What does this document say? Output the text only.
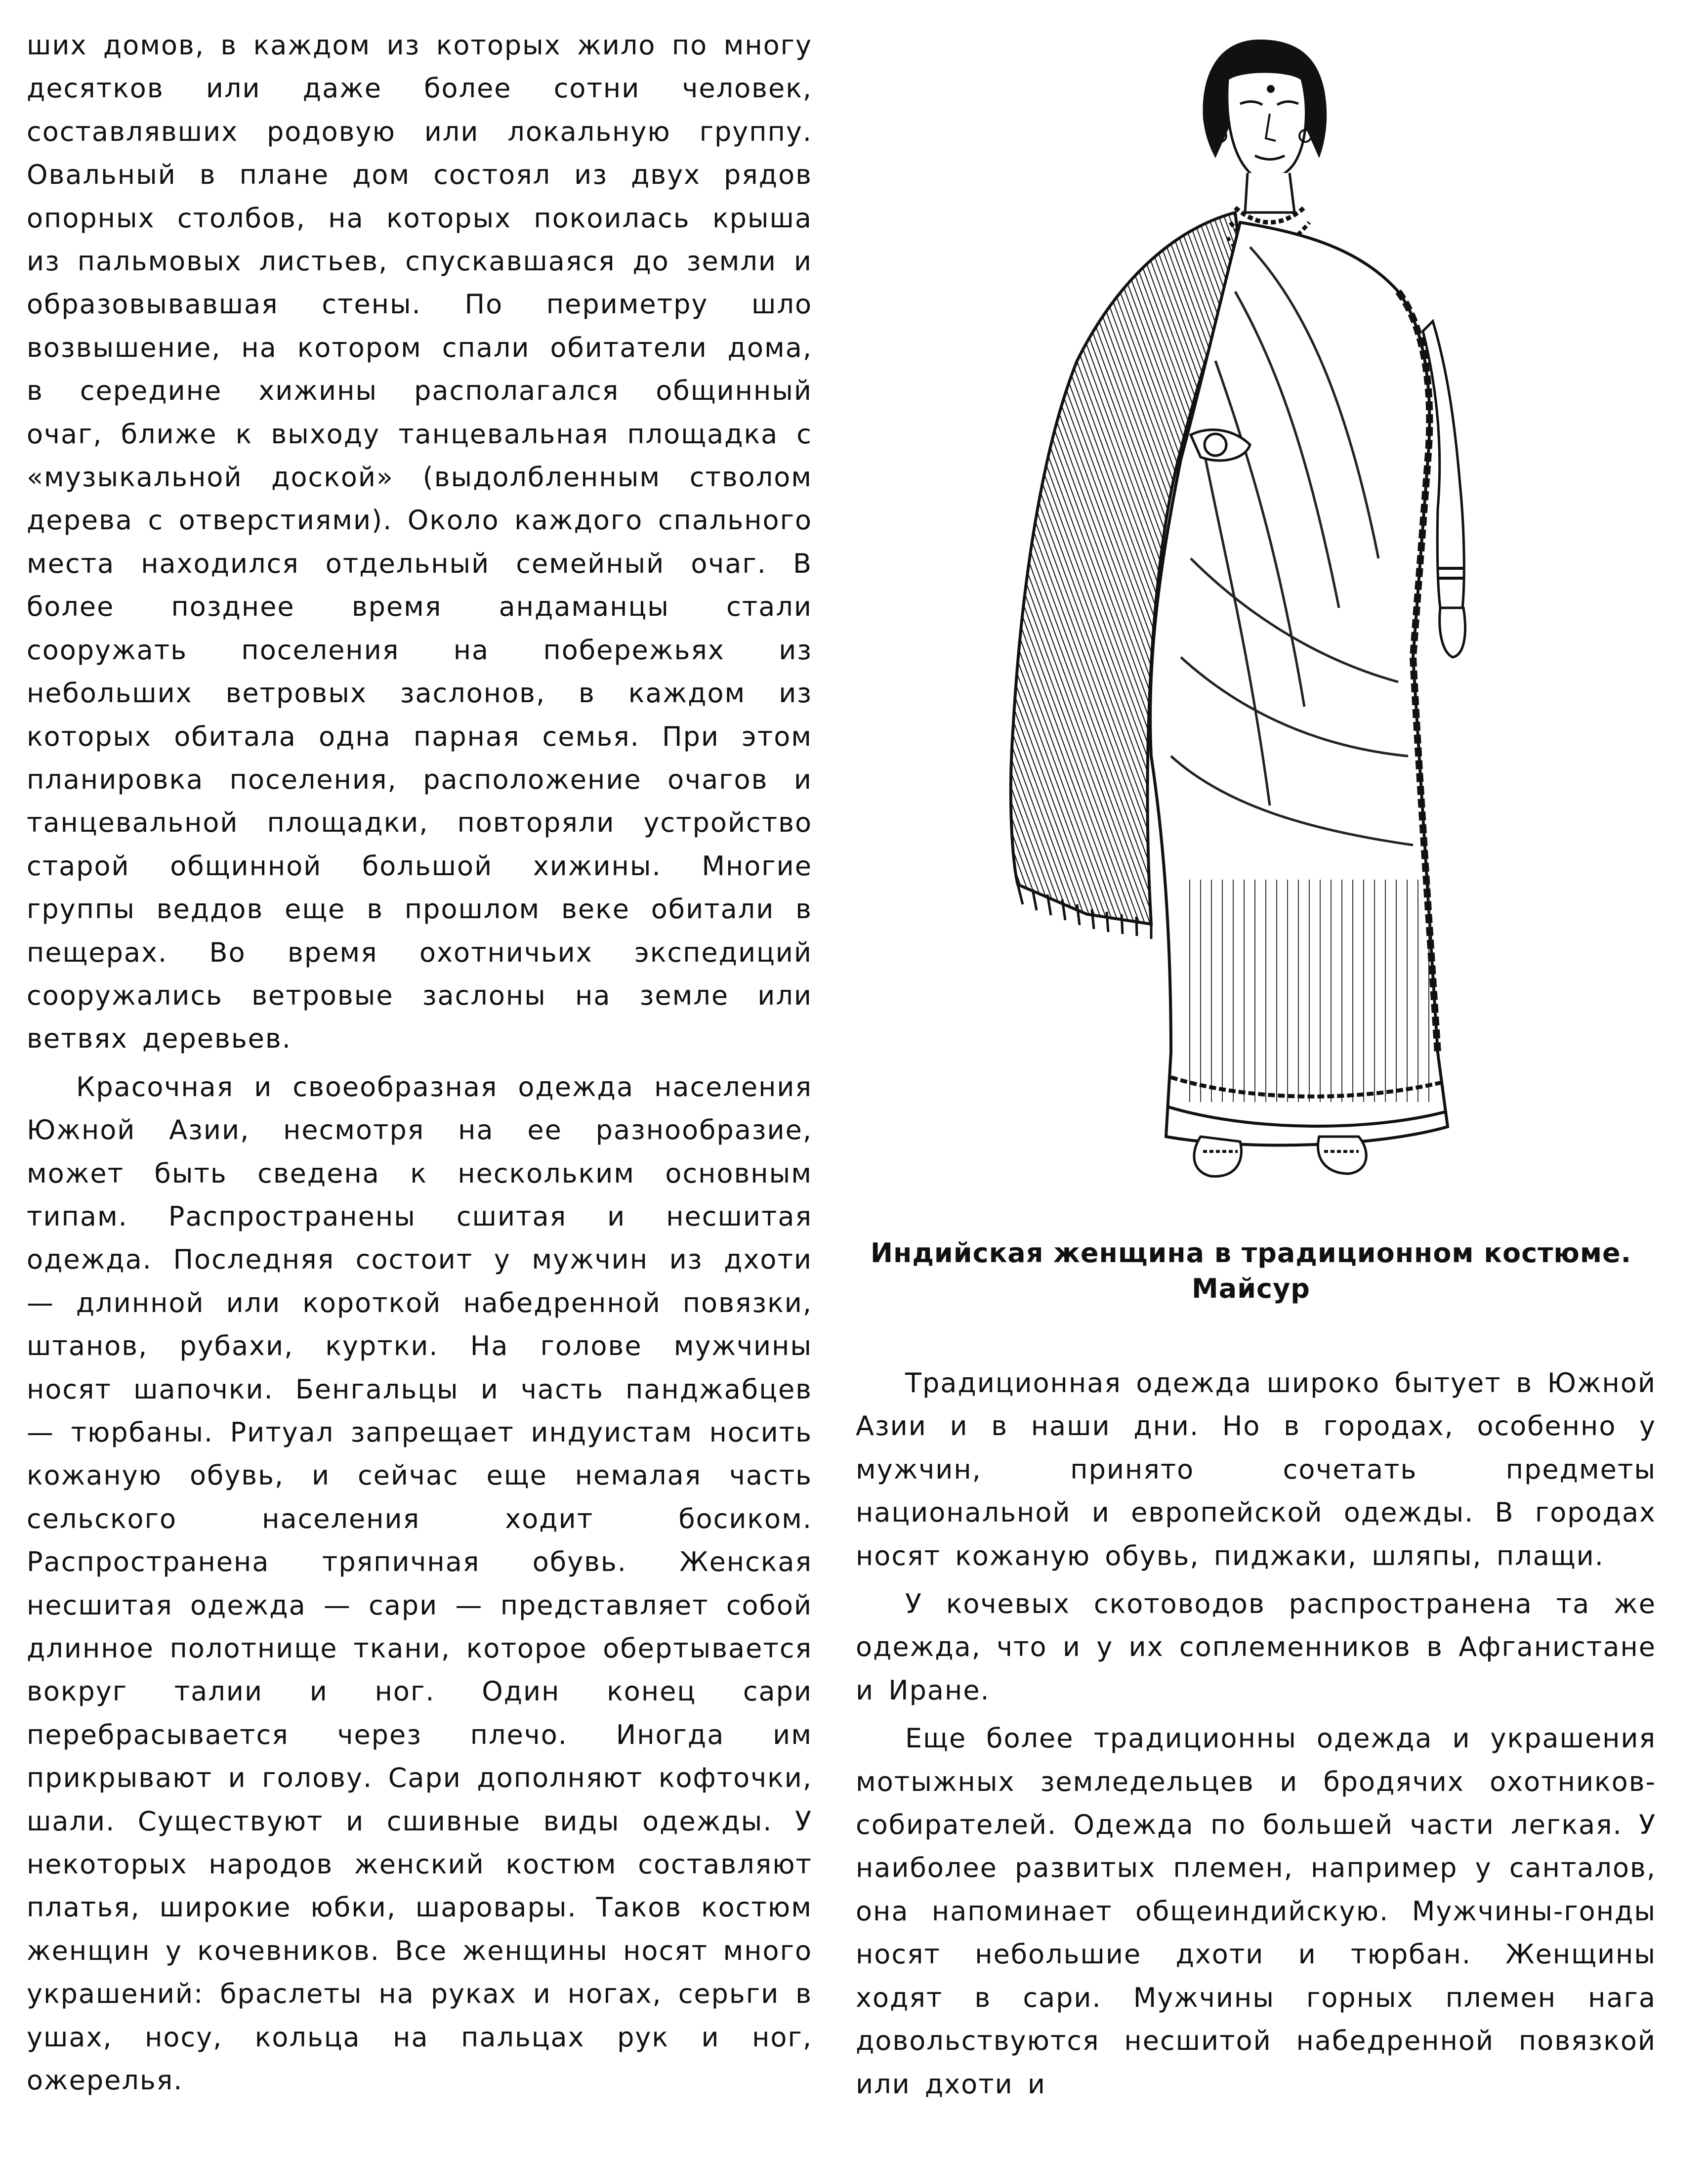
ших домов, в каждом из которых жило по многу десятков или даже более сотни человек, составлявших родовую или локальную группу. Овальный в плане дом состоял из двух рядов опорных столбов, на которых покоилась крыша из пальмовых листьев, спускавшаяся до земли и образовывавшая стены. По периметру шло возвышение, на котором спали обитатели дома, в середине хижины располагался общинный очаг, ближе к выходу танцевальная площадка с «музыкальной доской» (выдолбленным стволом дерева с отверстиями). Около каждого спального места находился отдельный семейный очаг. В более позднее время андаманцы стали сооружать поселения на побережьях из небольших ветровых заслонов, в каждом из которых обитала одна парная семья. При этом планировка поселения, расположение очагов и танцевальной площадки, повторяли устройство старой общинной большой хижины. Многие группы веддов еще в прошлом веке обитали в пещерах. Во время охотничьих экспедиций сооружались ветровые заслоны на земле или ветвях деревьев.

Красочная и своеобразная одежда населения Южной Азии, несмотря на ее разнообразие, может быть сведена к нескольким основным типам. Распространены сшитая и несшитая одежда. Последняя состоит у мужчин из дхоти — длинной или короткой набедренной повязки, штанов, рубахи, куртки. На голове мужчины носят шапочки. Бенгальцы и часть панджабцев — тюрбаны. Ритуал запрещает индуистам носить кожаную обувь, и сейчас еще немалая часть сельского населения ходит босиком. Распространена тряпичная обувь. Женская несшитая одежда — сари — представляет собой длинное полотнище ткани, которое обертывается вокруг талии и ног. Один конец сари перебрасывается через плечо. Иногда им прикрывают и голову. Сари дополняют кофточки, шали. Существуют и сшивные виды одежды. У некоторых народов женский костюм составляют платья, широкие юбки, шаровары. Таков костюм женщин у кочевников. Все женщины носят много украшений: браслеты на руках и ногах, серьги в ушах, носу, кольца на пальцах рук и ног, ожерелья.

Индийская женщина в традиционном костюме.
Майсур

Традиционная одежда широко бытует в Южной Азии и в наши дни. Но в городах, особенно у мужчин, принято сочетать предметы национальной и европейской одежды. В городах носят кожаную обувь, пиджаки, шляпы, плащи.

У кочевых скотоводов распространена та же одежда, что и у их соплеменников в Афганистане и Иране.

Еще более традиционны одежда и украшения мотыжных земледельцев и бродячих охотников-собирателей. Одежда по большей части легкая. У наиболее развитых племен, например у санталов, она напоминает общеиндийскую. Мужчины-гонды носят небольшие дхоти и тюрбан. Женщины ходят в сари. Мужчины горных племен нага довольствуются несшитой набедренной повязкой или дхоти и
